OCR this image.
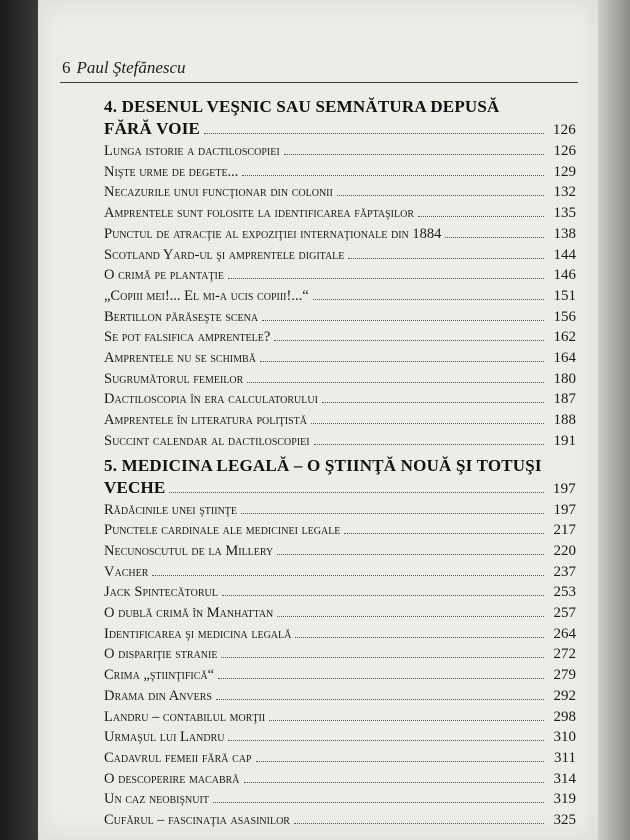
6 Paul Ştefănescu
4. DESENUL VEŞNIC SAU SEMNĂTURA DEPUSĂ
FĂRĂ VOIE	126
Lunga istorie a dactiloscopiei	126
Nişte urme de degete...	129
Necazurile unui funcţionar din colonii	132
Amprentele sunt folosite la identificarea făptaşilor	135
Punctul de atracţie al expoziţiei internaţionale din 1884	138
Scotland Yard-ul şi amprentele digitale	144
O crimă pe plantaţie	146
„Copiii mei!... El mi-a ucis copiii!...“	151
Bertillon părăseşte scena	156
Se pot falsifica amprentele?	162
Amprentele nu se schimbă	164
Sugrumătorul femeilor	180
Dactiloscopia în era calculatorului	187
Amprentele în literatura poliţistă	188
Succint calendar al dactiloscopiei	191
5. MEDICINA LEGALĂ – O ŞTIINŢĂ NOUĂ ŞI TOTUŞI
VECHE	197
Rădăcinile unei ştiinţe	197
Punctele cardinale ale medicinei legale	217
Necunoscutul de la Millery	220
Vacher	237
Jack Spintecătorul	253
O dublă crimă în Manhattan	257
Identificarea şi medicina legală	264
O dispariţie stranie	272
Crima „ştiinţifică“	279
Drama din Anvers	292
Landru – contabilul morţii	298
Urmaşul lui Landru	310
Cadavrul femeii fără cap	311
O descoperire macabră	314
Un caz neobişnuit	319
Cufărul – fascinaţia asasinilor	325
